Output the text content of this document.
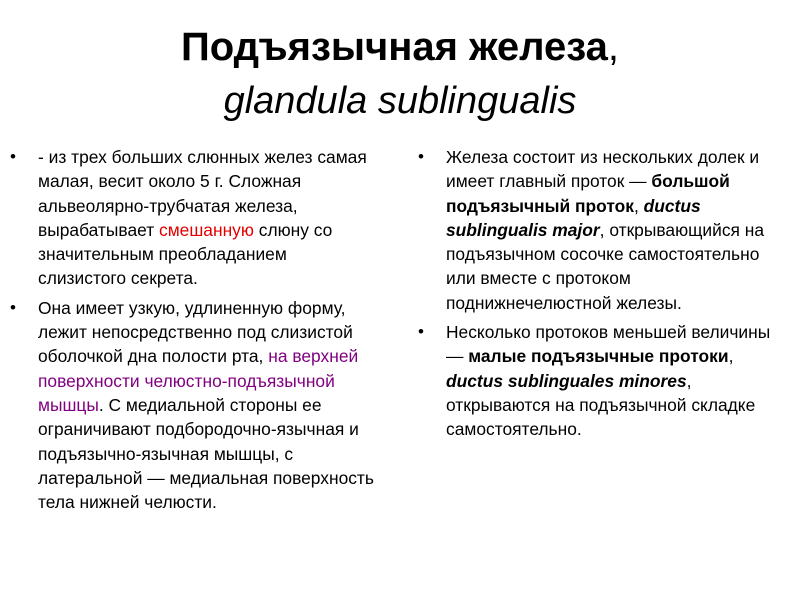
Подъязычная железа,
glandula sublingualis
• - из трех больших слюнных желез самая малая, весит около 5 г. Сложная альвеолярно-трубчатая железа, вырабатывает смешанную слюну со значительным преобладанием слизистого секрета.
• Она имеет узкую, удлиненную форму, лежит непосредственно под слизистой оболочкой дна полости рта, на верхней поверхности челюстно-подъязычной мышцы. С медиальной стороны ее ограничивают подбородочно-язычная и подъязычно-язычная мышцы, с латеральной — медиальная поверхность тела нижней челюсти.
• Железа состоит из нескольких долек и имеет главный проток — большой подъязычный проток, ductus sublingualis major, открывающийся на подъязычном сосочке самостоятельно или вместе с протоком поднижнечелюстной железы.
• Несколько протоков меньшей величины — малые подъязычные протоки, ductus sublinguales minores, открываются на подъязычной складке самостоятельно.
